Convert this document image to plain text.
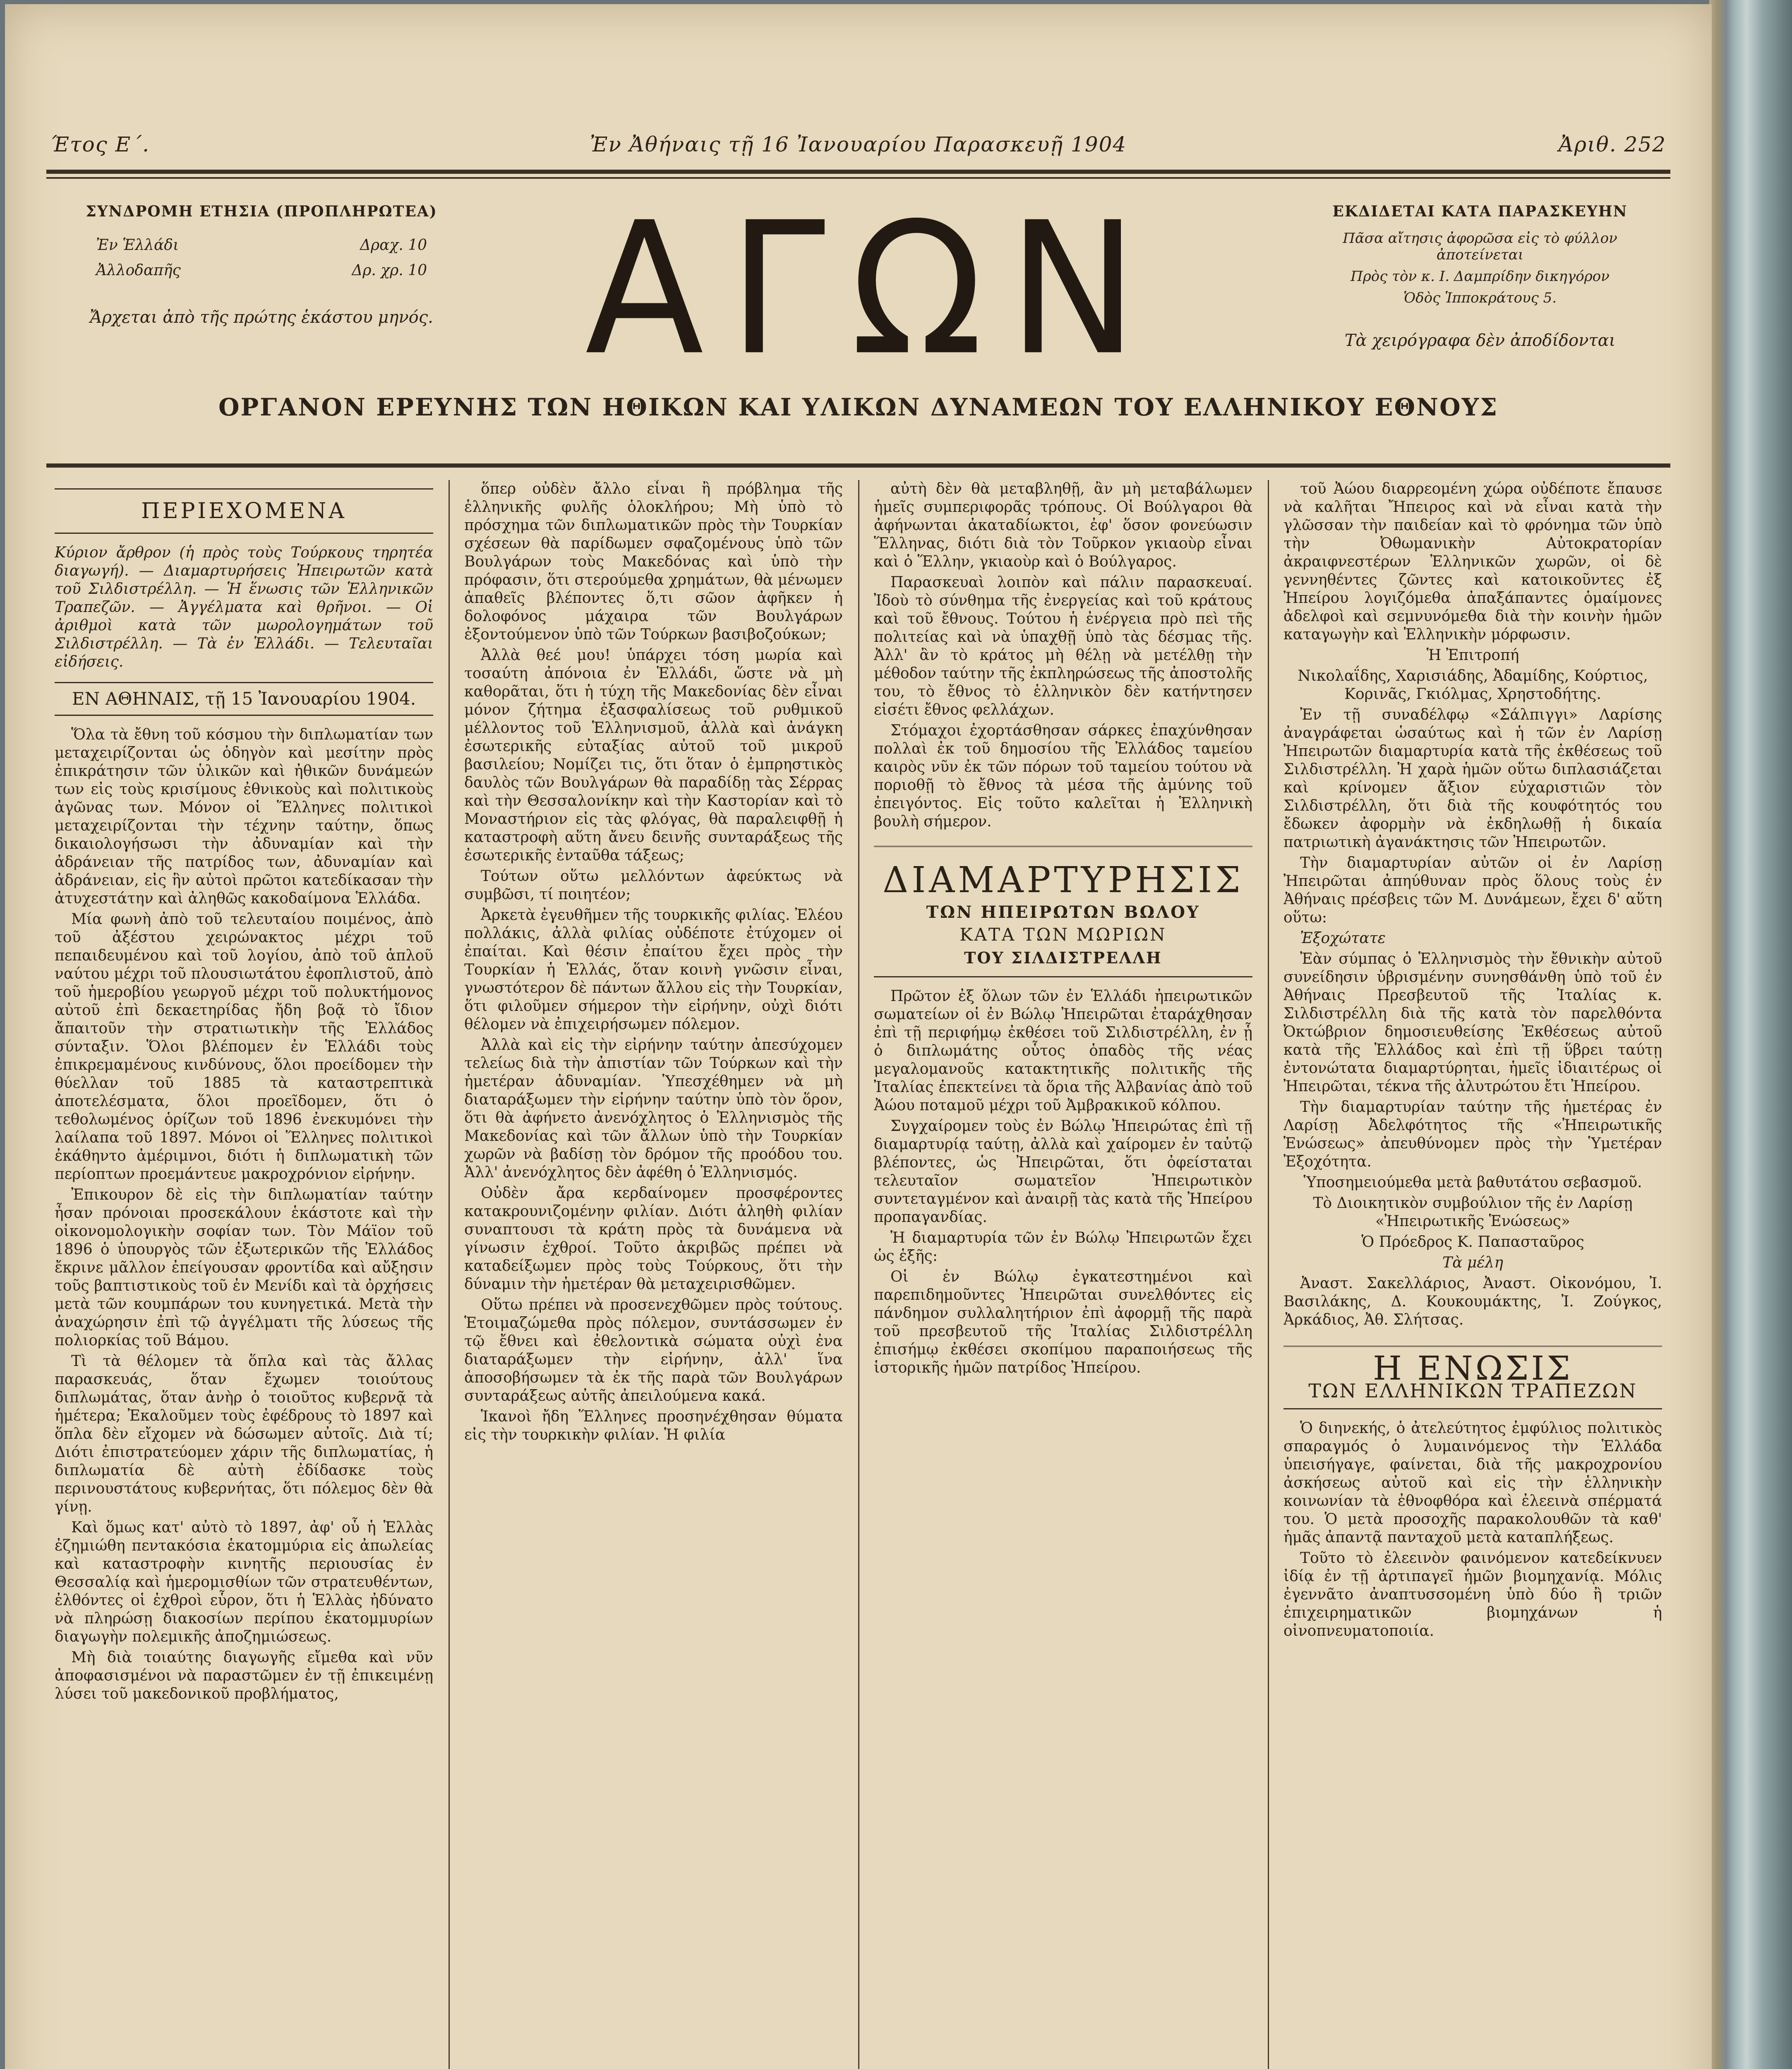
Έτος Ε΄.	Ἐν Ἀθήναις τῇ 16 Ἰανουαρίου Παρασκευῇ 1904	Ἀριθ. 252
ΣΥΝΔΡΟΜΗ ΕΤΗΣΙΑ (ΠΡΟΠΛΗΡΩΤΕΑ)
Ἐν Ἑλλάδι	Δραχ. 10
Ἀλλοδαπῆς	Δρ. χρ. 10
Ἄρχεται ἀπὸ τῆς πρώτης ἑκάστου μηνός. ΑΓΩΝ	ΕΚΔΙΔΕΤΑΙ ΚΑΤΑ ΠΑΡΑΣΚΕΥΗΝ
Πᾶσα αἴτησις ἀφορῶσα εἰς τὸ φύλλον ἀποτείνεται
Πρὸς τὸν κ. Ι. Δαμπρίδην δικηγόρον
Ὁδὸς Ἱπποκράτους 5.
Τὰ χειρόγραφα δὲν ἀποδίδονται
ΟΡΓΑΝΟΝ ΕΡΕΥΝΗΣ ΤΩΝ ΗΘΙΚΩΝ ΚΑΙ ΥΛΙΚΩΝ ΔΥΝΑΜΕΩΝ ΤΟΥ ΕΛΛΗΝΙΚΟΥ ΕΘΝΟΥΣ
ΠΕΡΙΕΧΟΜΕΝΑ

Κύριον ἄρθρον (ἡ πρὸς τοὺς Τούρκους τηρητέα διαγωγή). — Διαμαρτυρήσεις Ἠπειρωτῶν κατὰ τοῦ Σιλδιστρέλλη. — Ἡ ἕνωσις τῶν Ἑλληνικῶν Τραπεζῶν. — Ἀγγέλματα καὶ θρῆνοι. — Οἱ ἀριθμοὶ κατὰ τῶν μωρολογημάτων τοῦ Σιλδιστρέλλη. — Τὰ ἐν Ἑλλάδι. — Τελευταῖαι εἰδήσεις.

ΕΝ ΑΘΗΝΑΙΣ, τῇ 15 Ἰανουαρίου 1904.

Ὅλα τὰ ἔθνη τοῦ κόσμου τὴν διπλωματίαν των μεταχειρίζονται ὡς ὁδηγὸν καὶ μεσίτην πρὸς ἐπικράτησιν τῶν ὑλικῶν καὶ ἠθικῶν δυνάμεών των εἰς τοὺς κρισίμους ἐθνικοὺς καὶ πολιτικοὺς ἀγῶνας των. Μόνον οἱ Ἕλληνες πολιτικοὶ μεταχειρίζονται τὴν τέχνην ταύτην, ὅπως δικαιολογήσωσι τὴν ἀδυναμίαν καὶ τὴν ἀδράνειαν τῆς πατρίδος των, ἀδυναμίαν καὶ ἀδράνειαν, εἰς ἣν αὐτοὶ πρῶτοι κατεδίκασαν τὴν ἀτυχεστάτην καὶ ἀληθῶς κακοδαίμονα Ἑλλάδα.

Μία φωνὴ ἀπὸ τοῦ τελευταίου ποιμένος, ἀπὸ τοῦ ἀξέστου χειρώνακτος μέχρι τοῦ πεπαιδευμένου καὶ τοῦ λογίου, ἀπὸ τοῦ ἁπλοῦ ναύτου μέχρι τοῦ πλουσιωτάτου ἐφοπλιστοῦ, ἀπὸ τοῦ ἡμεροβίου γεωργοῦ μέχρι τοῦ πολυκτήμονος αὐτοῦ ἐπὶ δεκαετηρίδας ἤδη βοᾷ τὸ ἴδιον ἄπαιτοῦν τὴν στρατιωτικὴν τῆς Ἑλλάδος σύνταξιν. Ὅλοι βλέπομεν ἐν Ἑλλάδι τοὺς ἐπικρεμαμένους κινδύνους, ὅλοι προείδομεν τὴν θύελλαν τοῦ 1885 τὰ καταστρεπτικὰ ἀποτελέσματα, ὅλοι προεῖδομεν, ὅτι ὁ τεθολωμένος ὁρίζων τοῦ 1896 ἐνεκυμόνει τὴν λαίλαπα τοῦ 1897. Μόνοι οἱ Ἕλληνες πολιτικοὶ ἐκάθηντο ἀμέριμνοι, διότι ἡ διπλωματικὴ τῶν περίοπτων προεμάντευε μακροχρόνιον εἰρήνην.

Ἐπικουρον δὲ εἰς τὴν διπλωματίαν ταύτην ἦσαν πρόνοιαι προσεκάλουν ἑκάστοτε καὶ τὴν οἰκονομολογικὴν σοφίαν των. Τὸν Μάϊον τοῦ 1896 ὁ ὑπουργὸς τῶν ἐξωτερικῶν τῆς Ἑλλάδος ἔκρινε μᾶλλον ἐπείγουσαν φροντίδα καὶ αὔξησιν τοῦς βαπτιστικοὺς τοῦ ἐν Μενίδι καὶ τὰ ὀρχήσεις μετὰ τῶν κουμπάρων του κυνηγετικά. Μετὰ τὴν ἀναχώρησιν ἐπὶ τῷ ἀγγέλματι τῆς λύσεως τῆς πολιορκίας τοῦ Βάμου.

Τὶ τὰ θέλομεν τὰ ὅπλα καὶ τὰς ἄλλας παρασκευάς, ὅταν ἔχωμεν τοιούτους διπλωμάτας, ὅταν ἀνὴρ ὁ τοιοῦτος κυβερνᾷ τὰ ἡμέτερα; Ἐκαλοῦμεν τοὺς ἐφέδρους τὸ 1897 καὶ ὅπλα δὲν εἴχομεν νὰ δώσωμεν αὐτοῖς. Διὰ τί; Διότι ἐπιστρατεύομεν χάριν τῆς διπλωματίας, ἡ διπλωματία δὲ αὐτὴ ἐδίδασκε τοὺς περινουστάτους κυβερνήτας, ὅτι πόλεμος δὲν θὰ γίνῃ.

Καὶ ὅμως κατ' αὐτὸ τὸ 1897, ἀφ' οὗ ἡ Ἑλλὰς ἐζημιώθη πεντακόσια ἑκατομμύρια εἰς ἀπωλείας καὶ καταστροφὴν κινητῆς περιουσίας ἐν Θεσσαλίᾳ καὶ ἡμερομισθίων τῶν στρατευθέντων, ἐλθόντες οἱ ἐχθροὶ εὗρον, ὅτι ἡ Ἑλλὰς ἠδύνατο νὰ πληρώσῃ διακοσίων περίπου ἑκατομμυρίων διαγωγὴν πολεμικῆς ἀποζημιώσεως.

Μὴ διὰ τοιαύτης διαγωγῆς εἴμεθα καὶ νῦν ἀποφασισμένοι νὰ παραστῶμεν ἐν τῇ ἐπικειμένῃ λύσει τοῦ μακεδονικοῦ προβλήματος,

ὅπερ οὐδὲν ἄλλο εἶναι ἢ πρόβλημα τῆς ἑλληνικῆς φυλῆς ὁλοκλήρου; Μὴ ὑπὸ τὸ πρόσχημα τῶν διπλωματικῶν πρὸς τὴν Τουρκίαν σχέσεων θὰ παρίδωμεν σφαζομένους ὑπὸ τῶν Βουλγάρων τοὺς Μακεδόνας καὶ ὑπὸ τὴν πρόφασιν, ὅτι στερούμεθα χρημάτων, θὰ μένωμεν ἀπαθεῖς βλέποντες ὅ,τι σῶον ἀφῆκεν ἡ δολοφόνος μάχαιρα τῶν Βουλγάρων ἐξοντούμενον ὑπὸ τῶν Τούρκων βασιβοζούκων;

Ἀλλὰ θεέ μου! ὑπάρχει τόση μωρία καὶ τοσαύτη ἀπόνοια ἐν Ἑλλάδι, ὥστε νὰ μὴ καθορᾶται, ὅτι ἡ τύχη τῆς Μακεδονίας δὲν εἶναι μόνον ζήτημα ἐξασφαλίσεως τοῦ ρυθμικοῦ μέλλοντος τοῦ Ἑλληνισμοῦ, ἀλλὰ καὶ ἀνάγκη ἐσωτερικῆς εὐταξίας αὐτοῦ τοῦ μικροῦ βασιλείου; Νομίζει τις, ὅτι ὅταν ὁ ἐμπρηστικὸς δαυλὸς τῶν Βουλγάρων θὰ παραδίδῃ τὰς Σέρρας καὶ τὴν Θεσσαλονίκην καὶ τὴν Καστορίαν καὶ τὸ Μοναστήριον εἰς τὰς φλόγας, θὰ παραλειφθῇ ἡ καταστροφὴ αὕτη ἄνευ δεινῆς συνταράξεως τῆς ἐσωτερικῆς ἐνταῦθα τάξεως;

Τούτων οὕτω μελλόντων ἀφεύκτως νὰ συμβῶσι, τί ποιητέον;

Ἀρκετὰ ἐγευθῆμεν τῆς τουρκικῆς φιλίας. Ἐλέου πολλάκις, ἀλλὰ φιλίας οὐδέποτε ἐτύχομεν οἱ ἐπαίται. Καὶ θέσιν ἐπαίτου ἔχει πρὸς τὴν Τουρκίαν ἡ Ἑλλάς, ὅταν κοινὴ γνῶσιν εἶναι, γνωστότερον δὲ πάντων ἄλλου εἰς τὴν Τουρκίαν, ὅτι φιλοῦμεν σήμερον τὴν εἰρήνην, οὐχὶ διότι θέλομεν νὰ ἐπιχειρήσωμεν πόλεμον.

Ἀλλὰ καὶ εἰς τὴν εἰρήνην ταύτην ἀπεσύχομεν τελείως διὰ τὴν ἀπιστίαν τῶν Τούρκων καὶ τὴν ἡμετέραν ἀδυναμίαν. Ὑπεσχέθημεν νὰ μὴ διαταράξωμεν τὴν εἰρήνην ταύτην ὑπὸ τὸν ὅρον, ὅτι θὰ ἀφήνετο ἀνενόχλητος ὁ Ἑλληνισμὸς τῆς Μακεδονίας καὶ τῶν ἄλλων ὑπὸ τὴν Τουρκίαν χωρῶν νὰ βαδίσῃ τὸν δρόμον τῆς προόδου του. Ἀλλ' ἀνενόχλητος δὲν ἀφέθη ὁ Ἑλληνισμός.

Οὐδὲν ἄρα κερδαίνομεν προσφέροντες κατακρουνιζομένην φιλίαν. Διότι ἀληθὴ φιλίαν συναπτουσι τὰ κράτη πρὸς τὰ δυνάμενα νὰ γίνωσιν ἐχθροί. Τοῦτο ἀκριβῶς πρέπει νὰ καταδείξωμεν πρὸς τοὺς Τούρκους, ὅτι τὴν δύναμιν τὴν ἡμετέραν θὰ μεταχειρισθῶμεν.

Οὕτω πρέπει νὰ προσενεχθῶμεν πρὸς τούτους. Ἑτοιμαζώμεθα πρὸς πόλεμον, συντάσσωμεν ἐν τῷ ἔθνει καὶ ἐθελοντικὰ σώματα οὐχὶ ἐνα διαταράξωμεν τὴν εἰρήνην, ἀλλ' ἵνα ἀποσοβήσωμεν τὰ ἐκ τῆς παρὰ τῶν Βουλγάρων συνταράξεως αὐτῆς ἀπειλούμενα κακά.

Ἱκανοὶ ἤδη Ἕλληνες προσηνέχθησαν θύματα εἰς τὴν τουρκικὴν φιλίαν. Ἡ φιλία

αὐτὴ δὲν θὰ μεταβληθῇ, ἂν μὴ μεταβάλωμεν ἡμεῖς συμπεριφορᾶς τρόπους. Οἱ Βούλγαροι θὰ ἀφήνωνται ἀκαταδίωκτοι, ἐφ' ὅσον φονεύωσιν Ἕλληνας, διότι διὰ τὸν Τοῦρκον γκιαοὺρ εἶναι καὶ ὁ Ἕλλην, γκιαοὺρ καὶ ὁ Βούλγαρος.

Παρασκευαὶ λοιπὸν καὶ πάλιν παρασκευαί. Ἰδοὺ τὸ σύνθημα τῆς ἐνεργείας καὶ τοῦ κράτους καὶ τοῦ ἔθνους. Τούτου ἡ ἐνέργεια πρὸ πεὶ τῆς πολιτείας καὶ νὰ ὑπαχθῇ ὑπὸ τὰς δέσμας τῆς. Ἀλλ' ἂν τὸ κράτος μὴ θέλῃ νὰ μετέλθῃ τὴν μέθοδον ταύτην τῆς ἐκπληρώσεως τῆς ἀποστολῆς του, τὸ ἔθνος τὸ ἑλληνικὸν δὲν κατήντησεν εἰσέτι ἔθνος φελλάχων.

Στόμαχοι ἐχορτάσθησαν σάρκες ἐπαχύνθησαν πολλαὶ ἐκ τοῦ δημοσίου τῆς Ἑλλάδος ταμείου καιρὸς νῦν ἐκ τῶν πόρων τοῦ ταμείου τούτου νὰ ποριοθῇ τὸ ἔθνος τὰ μέσα τῆς ἀμύνης τοῦ ἐπειγόντος. Εἰς τοῦτο καλεῖται ἡ Ἑλληνικὴ βουλὴ σήμερον.

ΔΙΑΜΑΡΤΥΡΗΣΙΣ
ΤΩΝ ΗΠΕΙΡΩΤΩΝ ΒΩΛΟΥ
ΚΑΤΑ ΤΩΝ ΜΩΡΙΩΝ
ΤΟΥ ΣΙΛΔΙΣΤΡΕΛΛΗ

Πρῶτον ἐξ ὅλων τῶν ἐν Ἑλλάδι ἠπειρωτικῶν σωματείων οἱ ἐν Βώλῳ Ἠπειρῶται ἐταράχθησαν ἐπὶ τῇ περιφήμῳ ἐκθέσει τοῦ Σιλδιστρέλλη, ἐν ᾗ ὁ διπλωμάτης οὗτος ὁπαδὸς τῆς νέας μεγαλομανοῦς κατακτητικῆς πολιτικῆς τῆς Ἰταλίας ἐπεκτείνει τὰ ὅρια τῆς Ἀλβανίας ἀπὸ τοῦ Ἀώου ποταμοῦ μέχρι τοῦ Ἀμβρακικοῦ κόλπου.

Συγχαίρομεν τοὺς ἐν Βώλῳ Ἠπειρώτας ἐπὶ τῇ διαμαρτυρίᾳ ταύτῃ, ἀλλὰ καὶ χαίρομεν ἐν ταὐτῷ βλέποντες, ὡς Ἠπειρῶται, ὅτι ὀφείσταται τελευταῖον σωματεῖον Ἠπειρωτικὸν συντεταγμένον καὶ ἀναιρῇ τὰς κατὰ τῆς Ἠπείρου προπαγανδίας.

Ἡ διαμαρτυρία τῶν ἐν Βώλῳ Ἠπειρωτῶν ἔχει ὡς ἑξῆς:

Οἱ ἐν Βώλῳ ἐγκατεστημένοι καὶ παρεπιδημοῦντες Ἠπειρῶται συνελθόντες εἰς πάνδημον συλλαλητήριον ἐπὶ ἀφορμῇ τῆς παρὰ τοῦ πρεσβευτοῦ τῆς Ἰταλίας Σιλδιστρέλλη ἐπισήμῳ ἐκθέσει σκοπίμου παραποιήσεως τῆς ἱστορικῆς ἡμῶν πατρίδος Ἠπείρου.

τοῦ Ἀώου διαρρεομένη χώρα οὐδέποτε ἔπαυσε νὰ καλῆται Ἤπειρος καὶ νὰ εἶναι κατὰ τὴν γλῶσσαν τὴν παιδείαν καὶ τὸ φρόνημα τῶν ὑπὸ τὴν Ὀθωμανικὴν Αὐτοκρατορίαν ἀκραιφνεστέρων Ἑλληνικῶν χωρῶν, οἱ δὲ γεννηθέντες ζῶντες καὶ κατοικοῦντες ἐξ Ἠπείρου λογιζόμεθα ἀπαξάπαντες ὁμαίμονες ἀδελφοὶ καὶ σεμνυνόμεθα διὰ τὴν κοινὴν ἡμῶν καταγωγὴν καὶ Ἑλληνικὴν μόρφωσιν.

Ἡ Ἐπιτροπή

Νικολαΐδης, Χαρισιάδης, Ἀδαμίδης, Κούρτιος, Κορινᾶς, Γκιόλμας, Χρηστοδήτης.

Ἐν τῇ συναδέλφῳ «Σάλπιγγι» Λαρίσης ἀναγράφεται ὡσαύτως καὶ ἡ τῶν ἐν Λαρίσῃ Ἠπειρωτῶν διαμαρτυρία κατὰ τῆς ἐκθέσεως τοῦ Σιλδιστρέλλη. Ἡ χαρὰ ἡμῶν οὕτω διπλασιάζεται καὶ κρίνομεν ἄξιον εὐχαριστιῶν τὸν Σιλδιστρέλλη, ὅτι διὰ τῆς κουφότητός του ἔδωκεν ἀφορμὴν νὰ ἐκδηλωθῇ ἡ δικαία πατριωτικὴ ἀγανάκτησις τῶν Ἠπειρωτῶν.

Τὴν διαμαρτυρίαν αὐτῶν οἱ ἐν Λαρίσῃ Ἠπειρῶται ἀπηύθυναν πρὸς ὅλους τοὺς ἐν Ἀθήναις πρέσβεις τῶν Μ. Δυνάμεων, ἔχει δ' αὕτη οὕτω:

Ἐξοχώτατε

Ἐὰν σύμπας ὁ Ἑλληνισμὸς τὴν ἔθνικὴν αὐτοῦ συνείδησιν ὑβρισμένην συνησθάνθη ὑπὸ τοῦ ἐν Ἀθήναις Πρεσβευτοῦ τῆς Ἰταλίας κ. Σιλδιστρέλλη διὰ τῆς κατὰ τὸν παρελθόντα Ὀκτώβριον δημοσιευθείσης Ἐκθέσεως αὐτοῦ κατὰ τῆς Ἑλλάδος καὶ ἐπὶ τῇ ὕβρει ταύτῃ ἐντονώτατα διαμαρτύρηται, ἡμεῖς ἰδιαιτέρως οἱ Ἠπειρῶται, τέκνα τῆς ἀλυτρώτου ἔτι Ἠπείρου.

Τὴν διαμαρτυρίαν ταύτην τῆς ἡμετέρας ἐν Λαρίσῃ Ἀδελφότητος τῆς «Ἠπειρωτικῆς Ἑνώσεως» ἀπευθύνομεν πρὸς τὴν Ὑμετέραν Ἐξοχότητα.

Ὑποσημειούμεθα μετὰ βαθυτάτου σεβασμοῦ.

Τὸ Διοικητικὸν συμβούλιον τῆς ἐν Λαρίσῃ «Ἠπειρωτικῆς Ἑνώσεως»

Ὁ Πρόεδρος Κ. Παπασταῦρος

Τὰ μέλη

Ἀναστ. Σακελλάριος, Ἀναστ. Οἰκονόμου, Ἰ. Βασιλάκης, Δ. Κουκουμάκτης, Ἰ. Ζούγκος, Ἀρκάδιος, Ἀθ. Σλήτσας.

Η ΕΝΩΣΙΣ
ΤΩΝ ΕΛΛΗΝΙΚΩΝ ΤΡΑΠΕΖΩΝ

Ὁ διηνεκής, ὁ ἀτελεύτητος ἐμφύλιος πολιτικὸς σπαραγμός ὁ λυμαινόμενος τὴν Ἑλλάδα ὑπεισήγαγε, φαίνεται, διὰ τῆς μακροχρονίου ἀσκήσεως αὐτοῦ καὶ εἰς τὴν ἑλληνικὴν κοινωνίαν τὰ ἐθνοφθόρα καὶ ἐλεεινὰ σπέρματά του. Ὁ μετὰ προσοχῆς παρακολουθῶν τὰ καθ' ἡμᾶς ἀπαντᾷ πανταχοῦ μετὰ καταπλήξεως.

Τοῦτο τὸ ἐλεεινὸν φαινόμενον κατεδείκνυεν ἰδίᾳ ἐν τῇ ἀρτιπαγεῖ ἡμῶν βιομηχανίᾳ. Μόλις ἐγεννᾶτο ἀναπτυσσομένη ὑπὸ δύο ἢ τριῶν ἐπιχειρηματικῶν βιομηχάνων ἡ οἰνοπνευματοποιία.
